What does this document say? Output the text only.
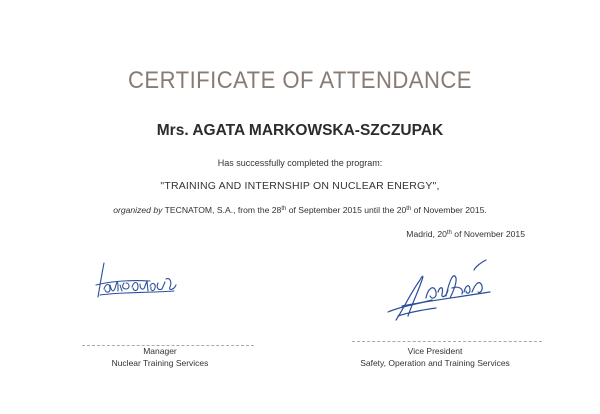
CERTIFICATE OF ATTENDANCE
Mrs. AGATA MARKOWSKA-SZCZUPAK
Has successfully completed the program:
"TRAINING AND INTERNSHIP ON NUCLEAR ENERGY",
organized by TECNATOM, S.A., from the 28th of September 2015 until the 20th of November 2015.
Madrid, 20th of November 2015
Manager
Nuclear Training Services
Vice President
Safety, Operation and Training Services
